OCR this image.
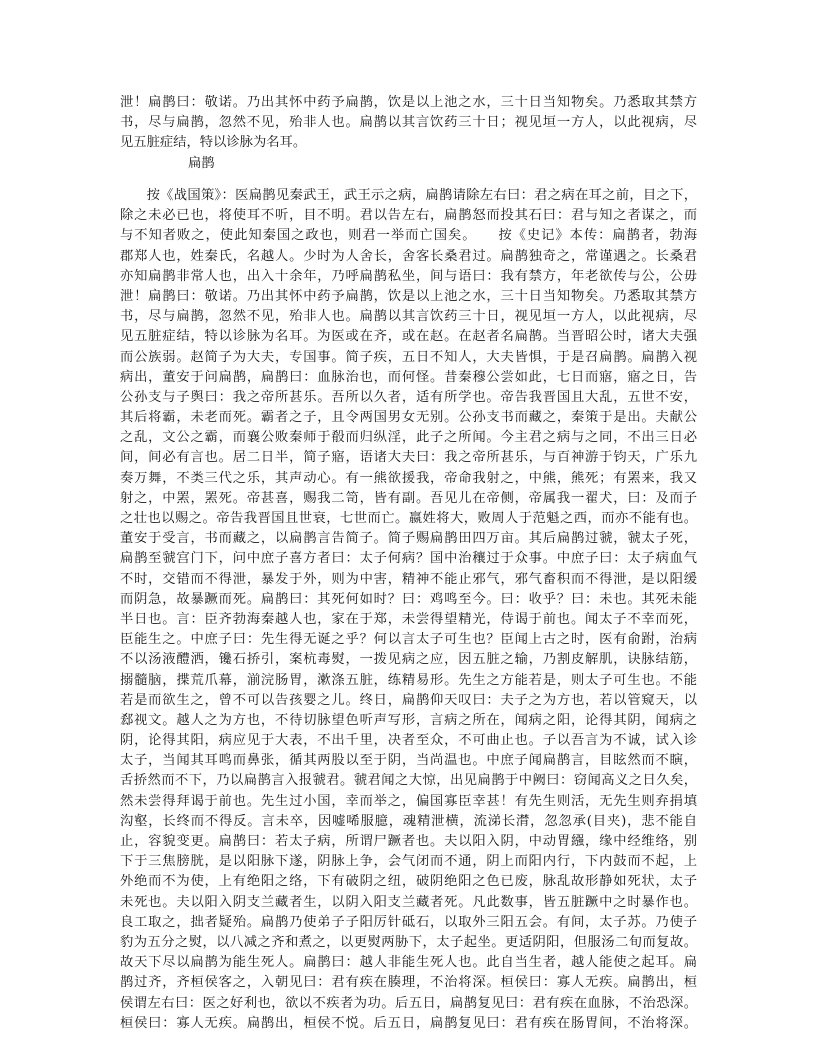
泄！扁鹊曰：敬诺。乃出其怀中药予扁鹊，饮是以上池之水，三十日当知物矣。乃悉取其禁方
书，尽与扁鹊，忽然不见，殆非人也。扁鹊以其言饮药三十日；视见垣一方人，以此视病，尽
见五脏症结，特以诊脉为名耳。
扁鹊
按《战国策》：医扁鹊见秦武王，武王示之病，扁鹊请除左右曰：君之病在耳之前，目之下，
除之未必已也，将使耳不听，目不明。君以告左右，扁鹊怒而投其石曰：君与知之者谋之，而
与不知者败之，使此知秦国之政也，则君一举而亡国矣。　　按《史记》本传：扁鹊者，勃海
郡郑人也，姓秦氏，名越人。少时为人舍长，舍客长桑君过。扁鹊独奇之，常谨遇之。长桑君
亦知扁鹊非常人也，出入十余年，乃呼扁鹊私坐，间与语曰：我有禁方，年老欲传与公，公毋
泄！扁鹊曰：敬诺。乃出其怀中药予扁鹊，饮是以上池之水，三十日当知物矣。乃悉取其禁方
书，尽与扁鹊，忽然不见，殆非人也。扁鹊以其言饮药三十日，视见垣一方人，以此视病，尽
见五脏症结，特以诊脉为名耳。为医或在齐，或在赵。在赵者名扁鹊。当晋昭公时，诸大夫强
而公族弱。赵简子为大夫，专国事。简子疾，五日不知人，大夫皆惧，于是召扁鹊。扁鹊入视
病出，董安于问扁鹊，扁鹊曰：血脉治也，而何怪。昔秦穆公尝如此，七日而寤，寤之日，告
公孙支与子舆曰：我之帝所甚乐。吾所以久者，适有所学也。帝告我晋国且大乱，五世不安，
其后将霸，未老而死。霸者之子，且令两国男女无别。公孙支书而藏之，秦策于是出。夫献公
之乱，文公之霸，而襄公败秦师于殽而归纵淫，此子之所闻。今主君之病与之同，不出三日必
间，间必有言也。居二日半，简子寤，语诸大夫曰：我之帝所甚乐，与百神游于钧天，广乐九
奏万舞，不类三代之乐，其声动心。有一熊欲援我，帝命我射之，中熊，熊死；有罴来，我又
射之，中罴，罴死。帝甚喜，赐我二笥，皆有副。吾见儿在帝侧，帝属我一翟犬，曰：及而子
之壮也以赐之。帝告我晋国且世衰，七世而亡。嬴姓将大，败周人于范魁之西，而亦不能有也。
董安于受言，书而藏之，以扁鹊言告简子。简子赐扁鹊田四万亩。其后扁鹊过虢，虢太子死，
扁鹊至虢宫门下，问中庶子喜方者曰：太子何病？国中治穰过于众事。中庶子曰：太子病血气
不时，交错而不得泄，暴发于外，则为中害，精神不能止邪气，邪气畜积而不得泄，是以阳缓
而阴急，故暴蹶而死。扁鹊曰：其死何如时？曰：鸡鸣至今。曰：收乎？曰：未也。其死未能
半日也。言：臣齐勃海秦越人也，家在于郑，未尝得望精光，侍谒于前也。闻太子不幸而死，
臣能生之。中庶子曰：先生得无诞之乎？何以言太子可生也？臣闻上古之时，医有俞跗，治病
不以汤液醴洒，镵石挢引，案杭毒熨，一拨见病之应，因五脏之输，乃割皮解肌，诀脉结筋，
搦髓脑，揲荒爪幕，湔浣肠胃，漱涤五脏，练精易形。先生之方能若是，则太子可生也。不能
若是而欲生之，曾不可以告孩婴之儿。终日，扁鹊仰天叹曰：夫子之为方也，若以管窥天，以
郄视文。越人之为方也，不待切脉望色听声写形，言病之所在，闻病之阳，论得其阴，闻病之
阴，论得其阳，病应见于大表，不出千里，决者至众，不可曲止也。子以吾言为不诚，试入诊
太子，当闻其耳鸣而鼻张，循其两股以至于阴，当尚温也。中庶子闻扁鹊言，目眩然而不瞚，
舌挢然而不下，乃以扁鹊言入报虢君。虢君闻之大惊，出见扁鹊于中阙曰：窃闻高义之日久矣，
然未尝得拜谒于前也。先生过小国，幸而举之，偏国寡臣幸甚！有先生则活，无先生则弃捐填
沟壑，长终而不得反。言未卒，因嘘唏服臆，魂精泄横，流涕长潸，忽忽承(目夹)，悲不能自
止，容貌变更。扁鹊曰：若太子病，所谓尸蹶者也。夫以阳入阴，中动胃繦，缘中经维络，别
下于三焦膀胱，是以阳脉下遂，阴脉上争，会气闭而不通，阴上而阳内行，下内鼓而不起，上
外绝而不为使，上有绝阳之络，下有破阴之纽，破阴绝阳之色已废，脉乱故形静如死状，太子
未死也。夫以阳入阴支兰藏者生，以阴入阳支兰藏者死。凡此数事，皆五脏蹶中之时暴作也。
良工取之，拙者疑殆。扁鹊乃使弟子子阳厉针砥石，以取外三阳五会。有间，太子苏。乃使子
豹为五分之熨，以八减之齐和煮之，以更熨两胁下，太子起坐。更适阴阳，但服汤二旬而复故。
故天下尽以扁鹊为能生死人。扁鹊曰：越人非能生死人也。此自当生者，越人能使之起耳。扁
鹊过齐，齐桓侯客之，入朝见曰：君有疾在腠理，不治将深。桓侯曰：寡人无疾。扁鹊出，桓
侯谓左右曰：医之好利也，欲以不疾者为功。后五日，扁鹊复见曰：君有疾在血脉，不治恐深。
桓侯曰：寡人无疾。扁鹊出，桓侯不悦。后五日，扁鹊复见曰：君有疾在肠胃间，不治将深。
